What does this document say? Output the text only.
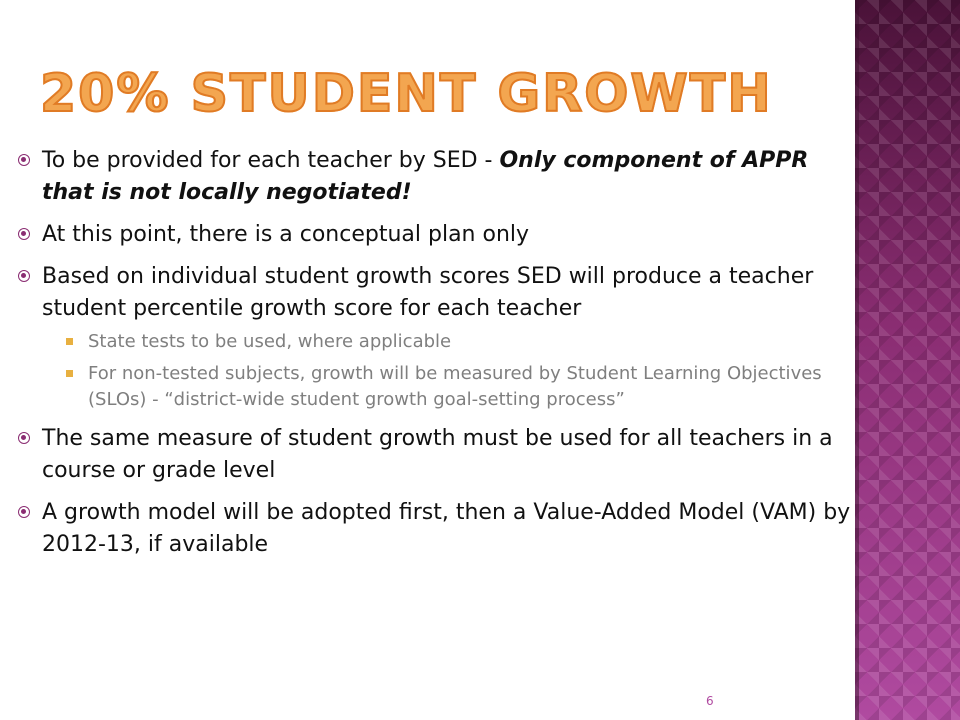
20% STUDENT GROWTH
To be provided for each teacher by SED - Only component of APPR that is not locally negotiated!
At this point, there is a conceptual plan only
Based on individual student growth scores SED will produce a teacher student percentile growth score for each teacher
State tests to be used, where applicable
For non-tested subjects, growth will be measured by Student Learning Objectives (SLOs) - “district-wide student growth goal-setting process”
The same measure of student growth must be used for all teachers in a course or grade level
A growth model will be adopted first, then a Value-Added Model (VAM) by 2012-13, if available
6
